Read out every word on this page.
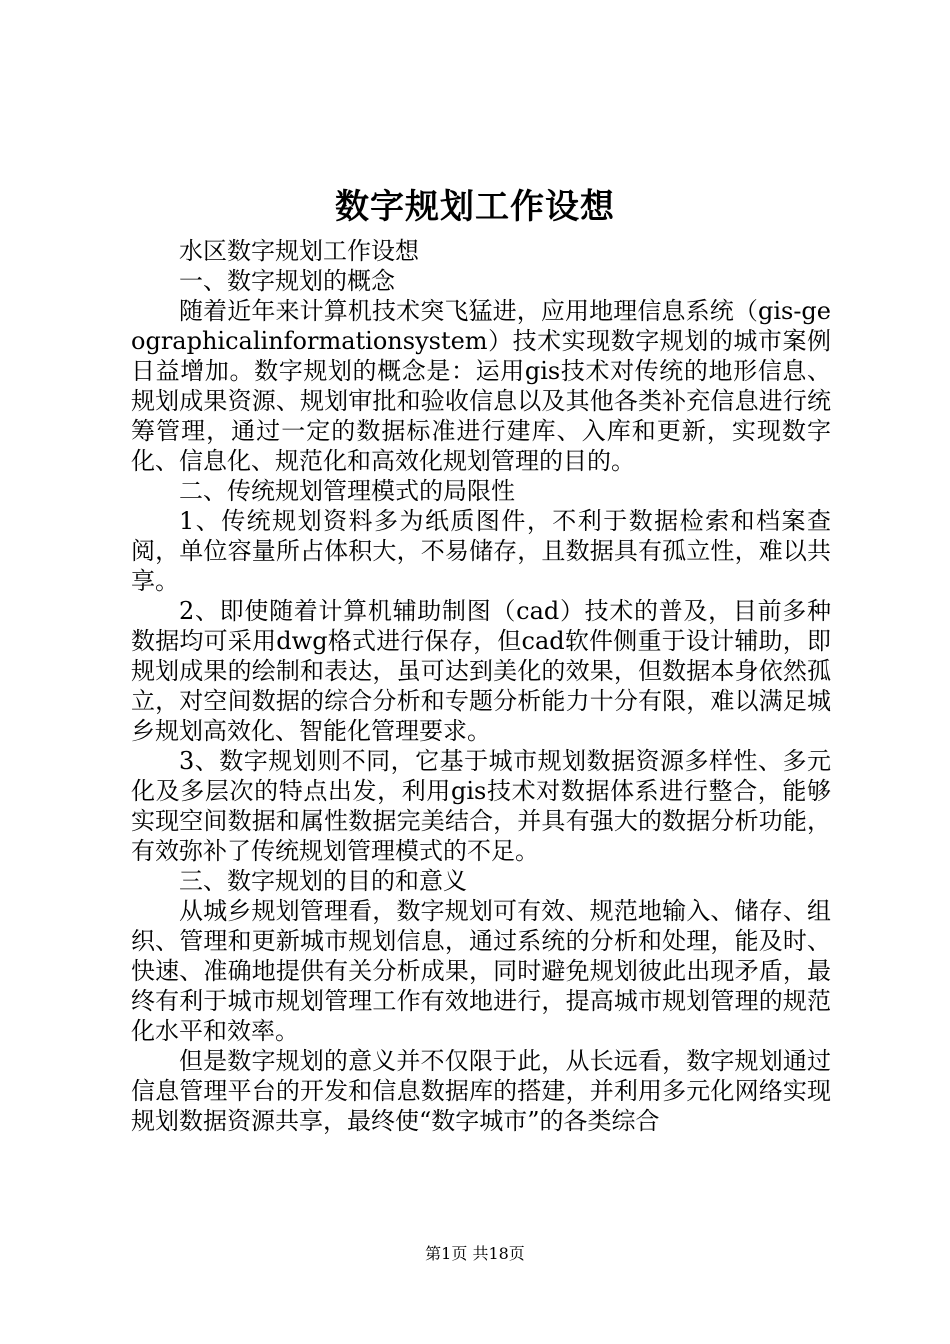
数字规划工作设想

水区数字规划工作设想

一、数字规划的概念

随着近年来计算机技术突飞猛进，应用地理信息系统（gis-geographicalinformationsystem）技术实现数字规划的城市案例日益增加。数字规划的概念是：运用gis技术对传统的地形信息、规划成果资源、规划审批和验收信息以及其他各类补充信息进行统筹管理，通过一定的数据标准进行建库、入库和更新，实现数字化、信息化、规范化和高效化规划管理的目的。

二、传统规划管理模式的局限性

1、传统规划资料多为纸质图件，不利于数据检索和档案查阅，单位容量所占体积大，不易储存，且数据具有孤立性，难以共享。

2、即使随着计算机辅助制图（cad）技术的普及，目前多种数据均可采用dwg格式进行保存，但cad软件侧重于设计辅助，即规划成果的绘制和表达，虽可达到美化的效果，但数据本身依然孤立，对空间数据的综合分析和专题分析能力十分有限，难以满足城乡规划高效化、智能化管理要求。

3、数字规划则不同，它基于城市规划数据资源多样性、多元化及多层次的特点出发，利用gis技术对数据体系进行整合，能够实现空间数据和属性数据完美结合，并具有强大的数据分析功能，有效弥补了传统规划管理模式的不足。

三、数字规划的目的和意义

从城乡规划管理看，数字规划可有效、规范地输入、储存、组织、管理和更新城市规划信息，通过系统的分析和处理，能及时、快速、准确地提供有关分析成果，同时避免规划彼此出现矛盾，最终有利于城市规划管理工作有效地进行，提高城市规划管理的规范化水平和效率。

但是数字规划的意义并不仅限于此，从长远看，数字规划通过信息管理平台的开发和信息数据库的搭建，并利用多元化网络实现规划数据资源共享，最终使“数字城市”的各类综合

第1页 共18页
